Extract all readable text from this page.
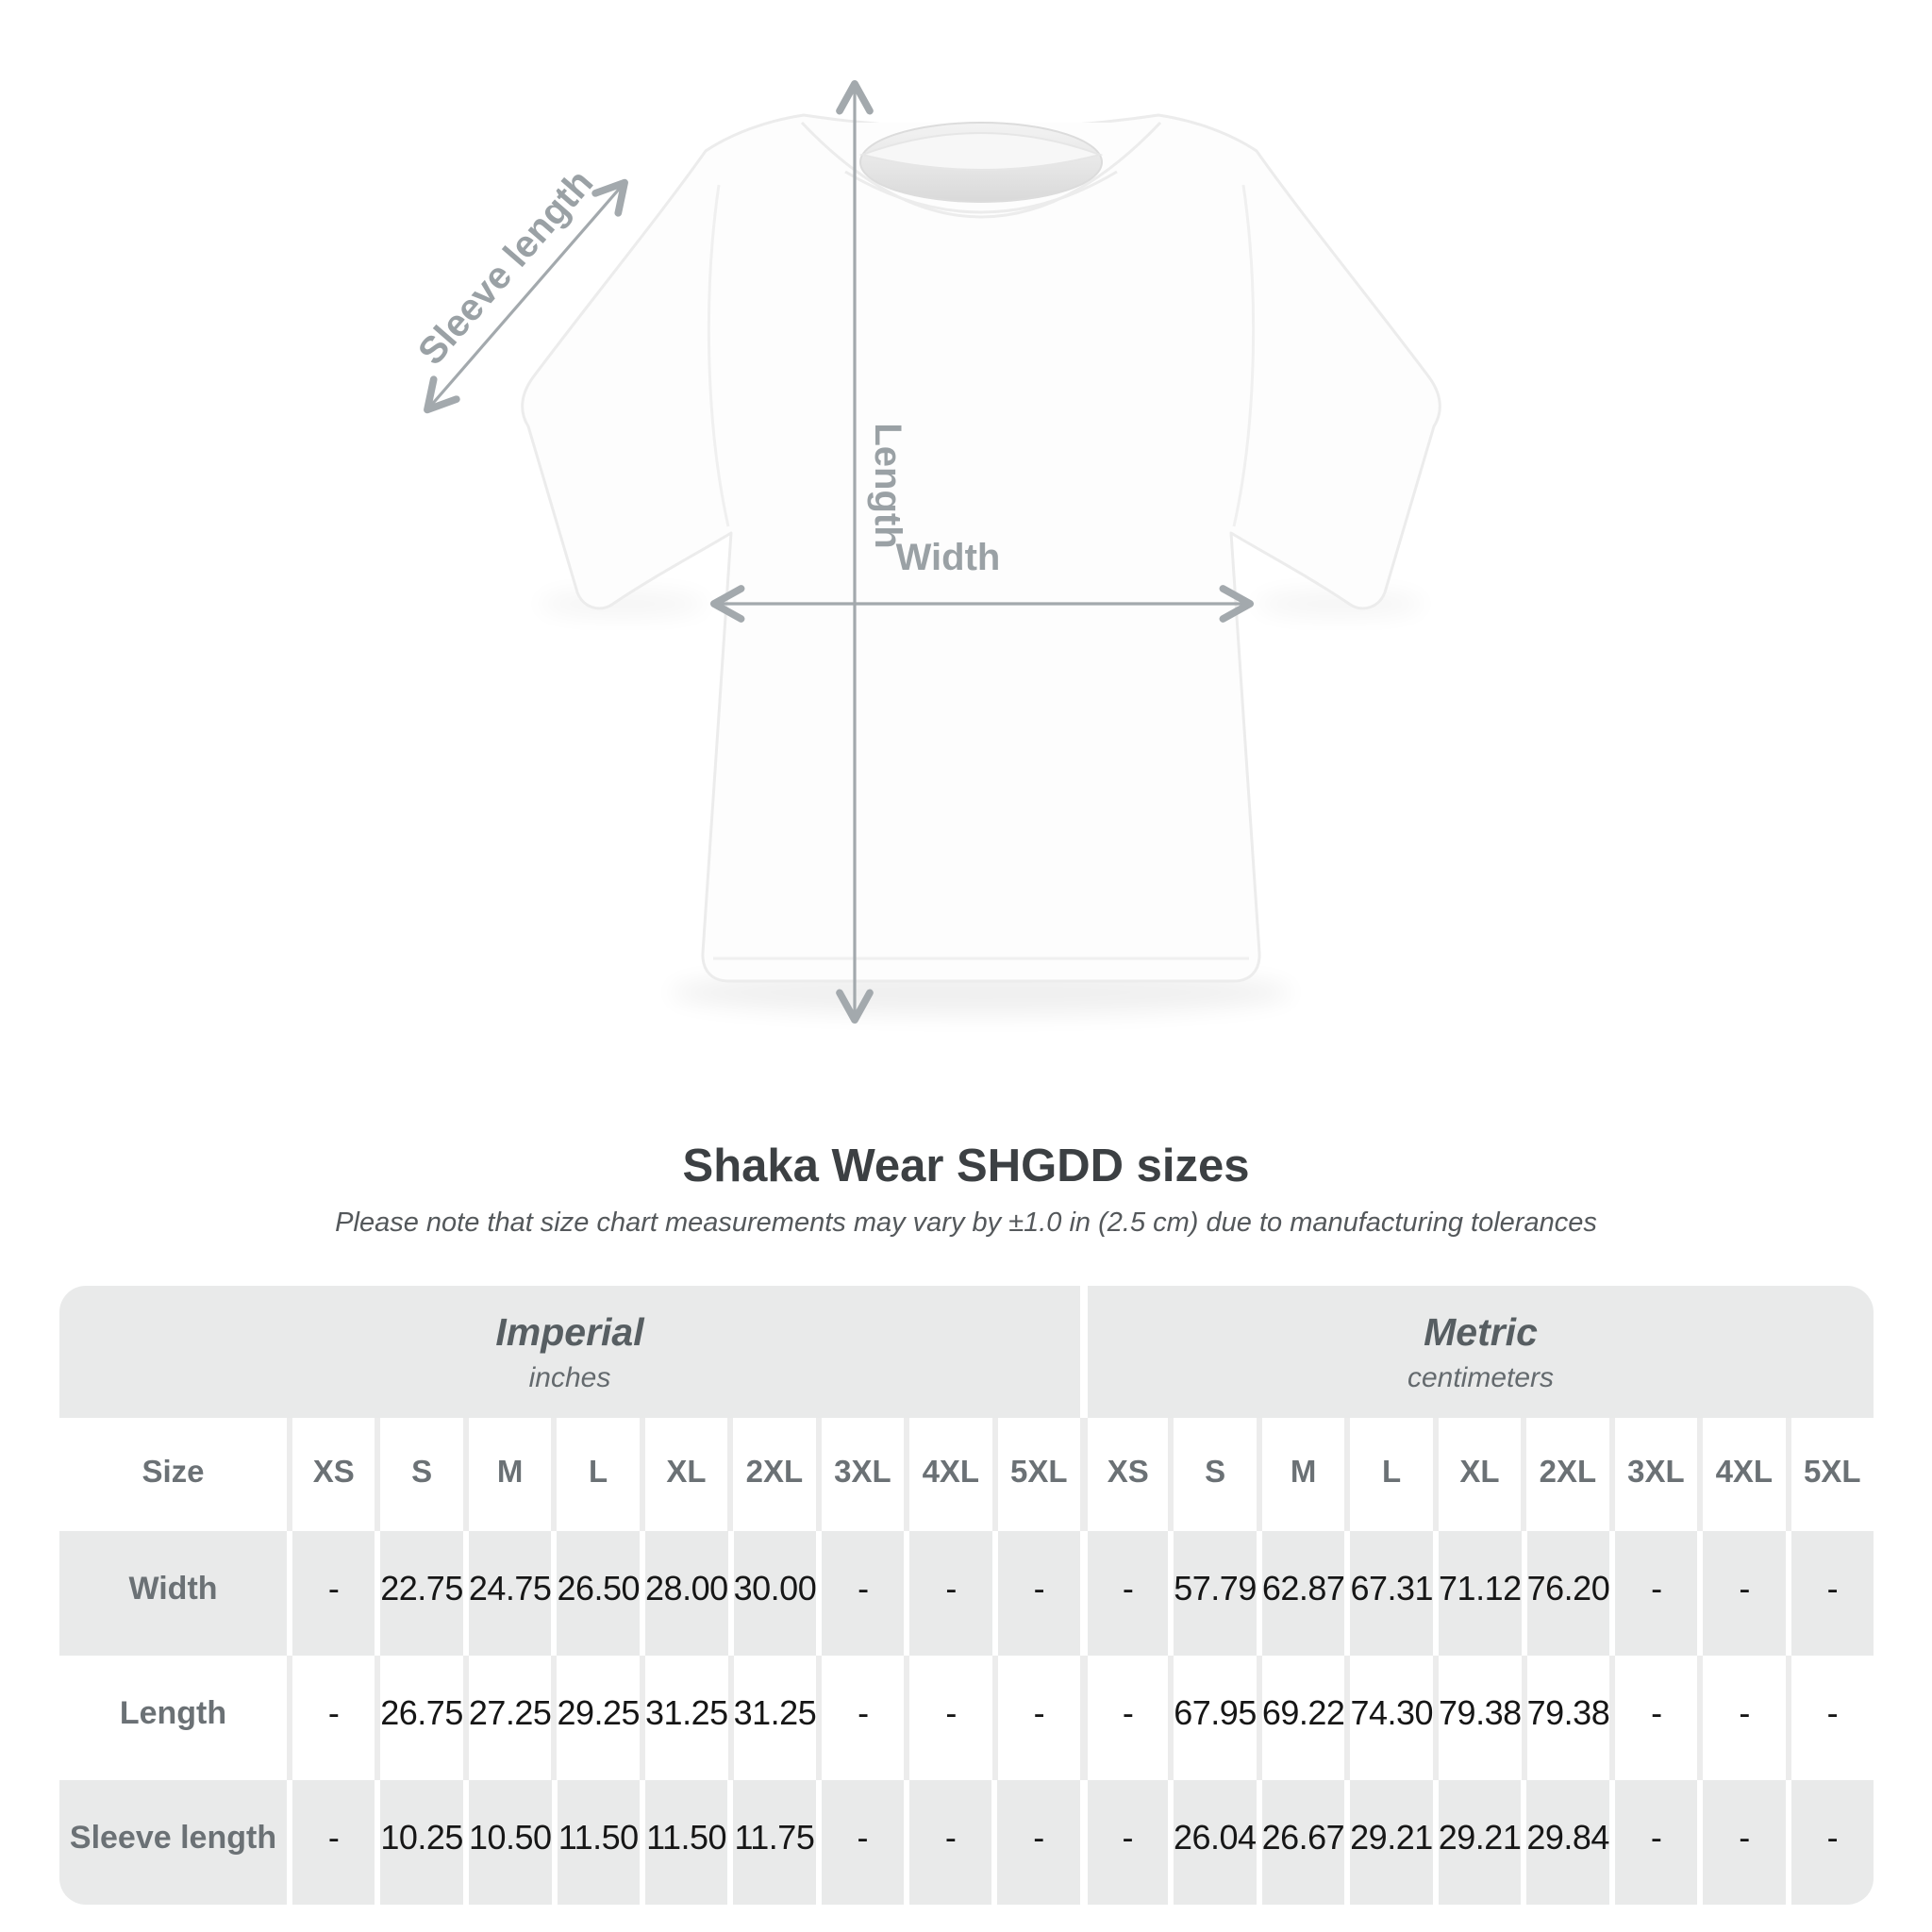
Width
Length
Sleeve length
Shaka Wear SHGDD sizes

Please note that size chart measurements may vary by ±1.0 in (2.5 cm) due to manufacturing tolerances

Imperial
inches
Metric
centimeters
Size	XS	S	M	L	XL	2XL 3XL 4XL 5XL	XS	S	M	L	XL	2XL 3XL 4XL 5XL
Width	-	22.75 24.75 26.50 28.00 30.00	-	-	-	-	57.79 62.87 67.31 71.12 76.20	-	-	-
Length	-	26.75 27.25 29.25 31.25 31.25	-	-	-	-	67.95 69.22 74.30 79.38 79.38	-	-	-
Sleeve length	-	10.25 10.50 11.50 11.50 11.75	-	-	-	-	26.04 26.67 29.21 29.21 29.84	-	-	-
